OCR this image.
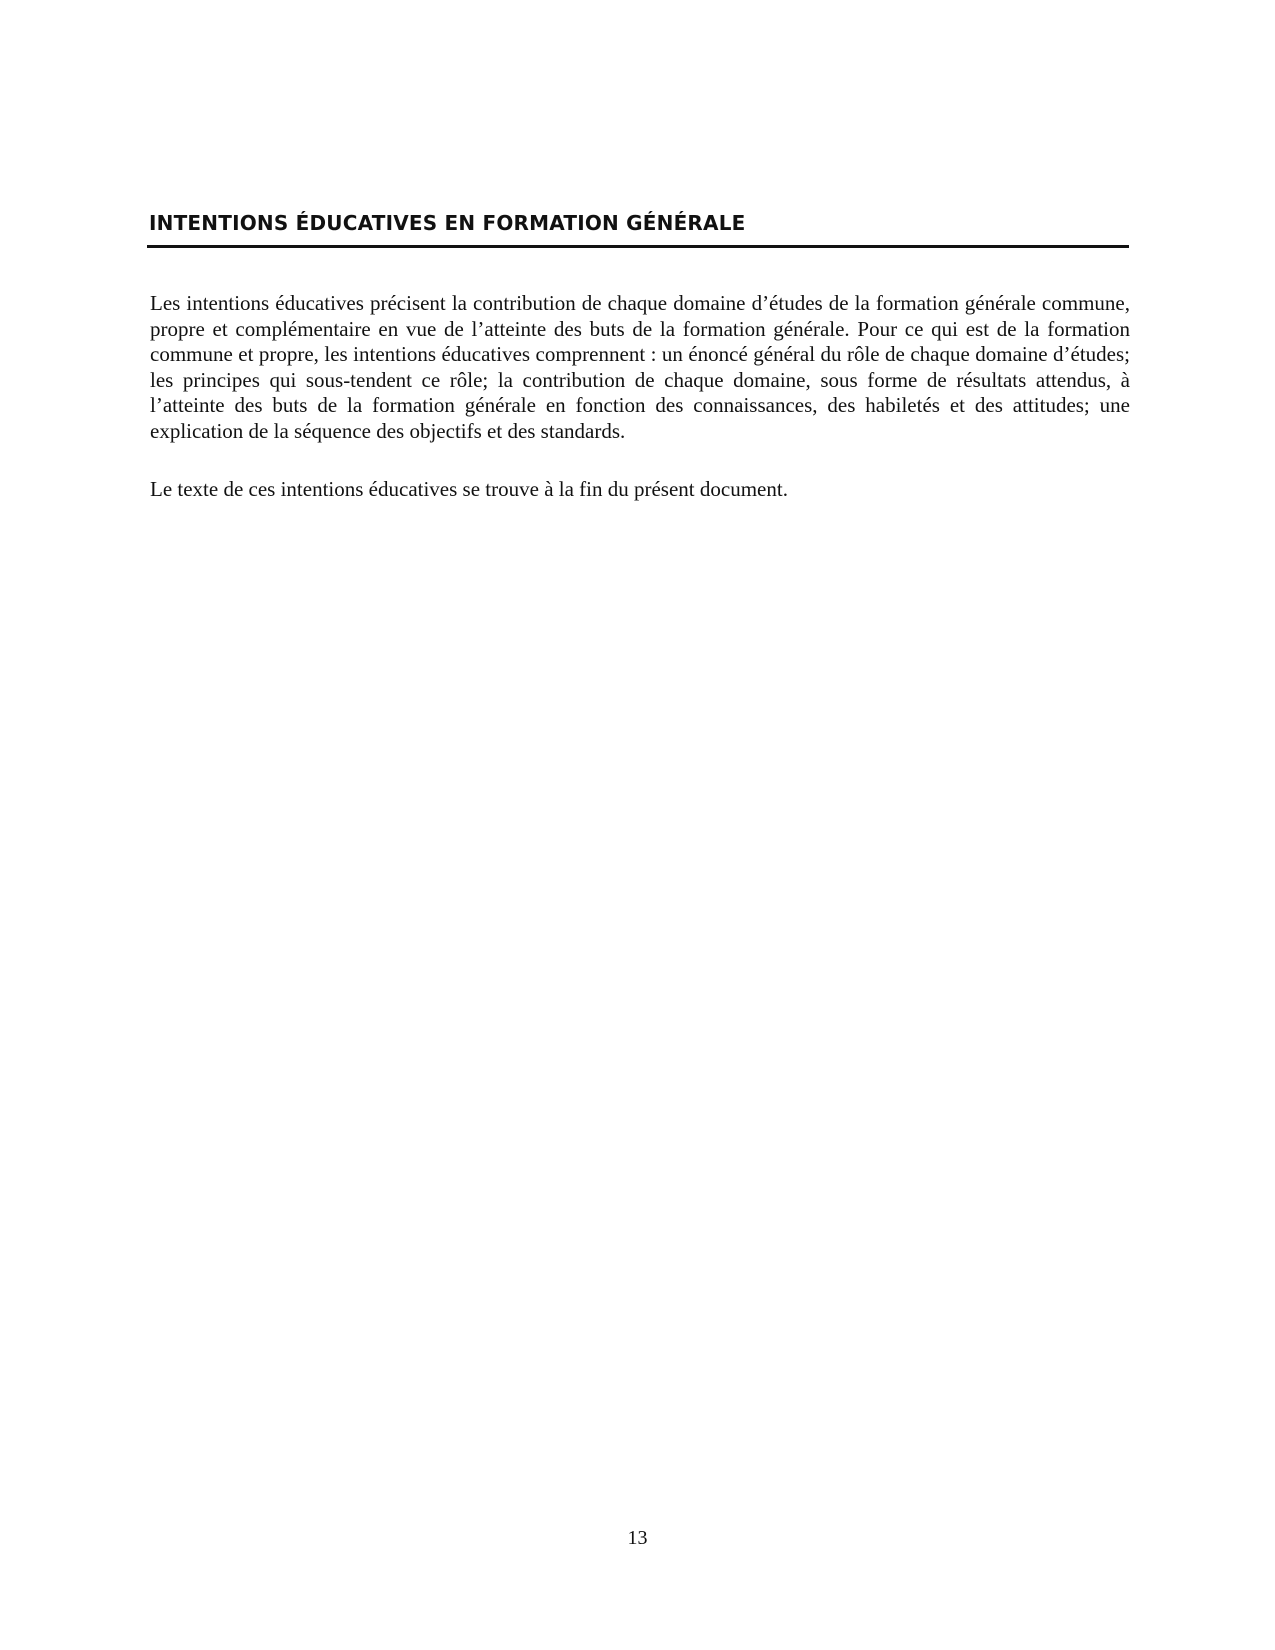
INTENTIONS ÉDUCATIVES EN FORMATION GÉNÉRALE

Les intentions éducatives précisent la contribution de chaque domaine d’études de la formation générale commune, propre et complémentaire en vue de l’atteinte des buts de la formation générale. Pour ce qui est de la formation commune et propre, les intentions éducatives comprennent : un énoncé général du rôle de chaque domaine d’études; les principes qui sous-tendent ce rôle; la contribution de chaque domaine, sous forme de résultats attendus, à l’atteinte des buts de la formation générale en fonction des connaissances, des habiletés et des attitudes; une explication de la séquence des objectifs et des standards.

Le texte de ces intentions éducatives se trouve à la fin du présent document.

13
